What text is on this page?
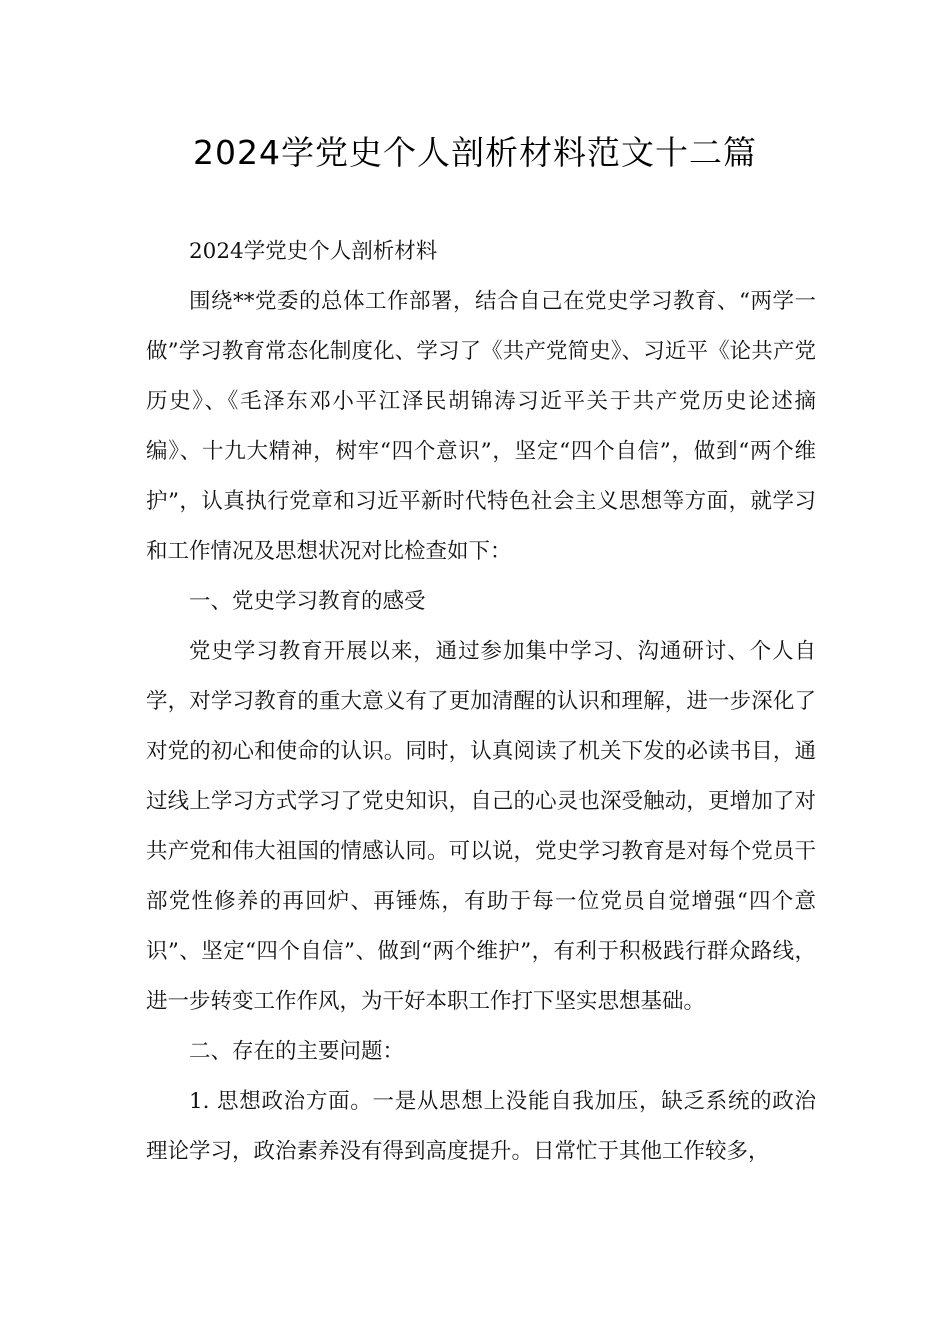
2024学党史个人剖析材料范文十二篇

2024学党史个人剖析材料

围绕**党委的总体工作部署，结合自己在党史学习教育、“两学一做”学习教育常态化制度化、学习了《共产党简史》、习近平《论共产党历史》、《毛泽东邓小平江泽民胡锦涛习近平关于共产党历史论述摘编》、十九大精神，树牢“四个意识”，坚定“四个自信”，做到“两个维护”，认真执行党章和习近平新时代特色社会主义思想等方面，就学习和工作情况及思想状况对比检查如下：

一、党史学习教育的感受

党史学习教育开展以来，通过参加集中学习、沟通研讨、个人自学，对学习教育的重大意义有了更加清醒的认识和理解，进一步深化了对党的初心和使命的认识。同时，认真阅读了机关下发的必读书目，通过线上学习方式学习了党史知识，自己的心灵也深受触动，更增加了对共产党和伟大祖国的情感认同。可以说，党史学习教育是对每个党员干部党性修养的再回炉、再锤炼，有助于每一位党员自觉增强“四个意识”、坚定“四个自信”、做到“两个维护”，有利于积极践行群众路线，进一步转变工作作风，为干好本职工作打下坚实思想基础。

二、存在的主要问题：

1. 思想政治方面。一是从思想上没能自我加压，缺乏系统的政治理论学习，政治素养没有得到高度提升。日常忙于其他工作较多，
